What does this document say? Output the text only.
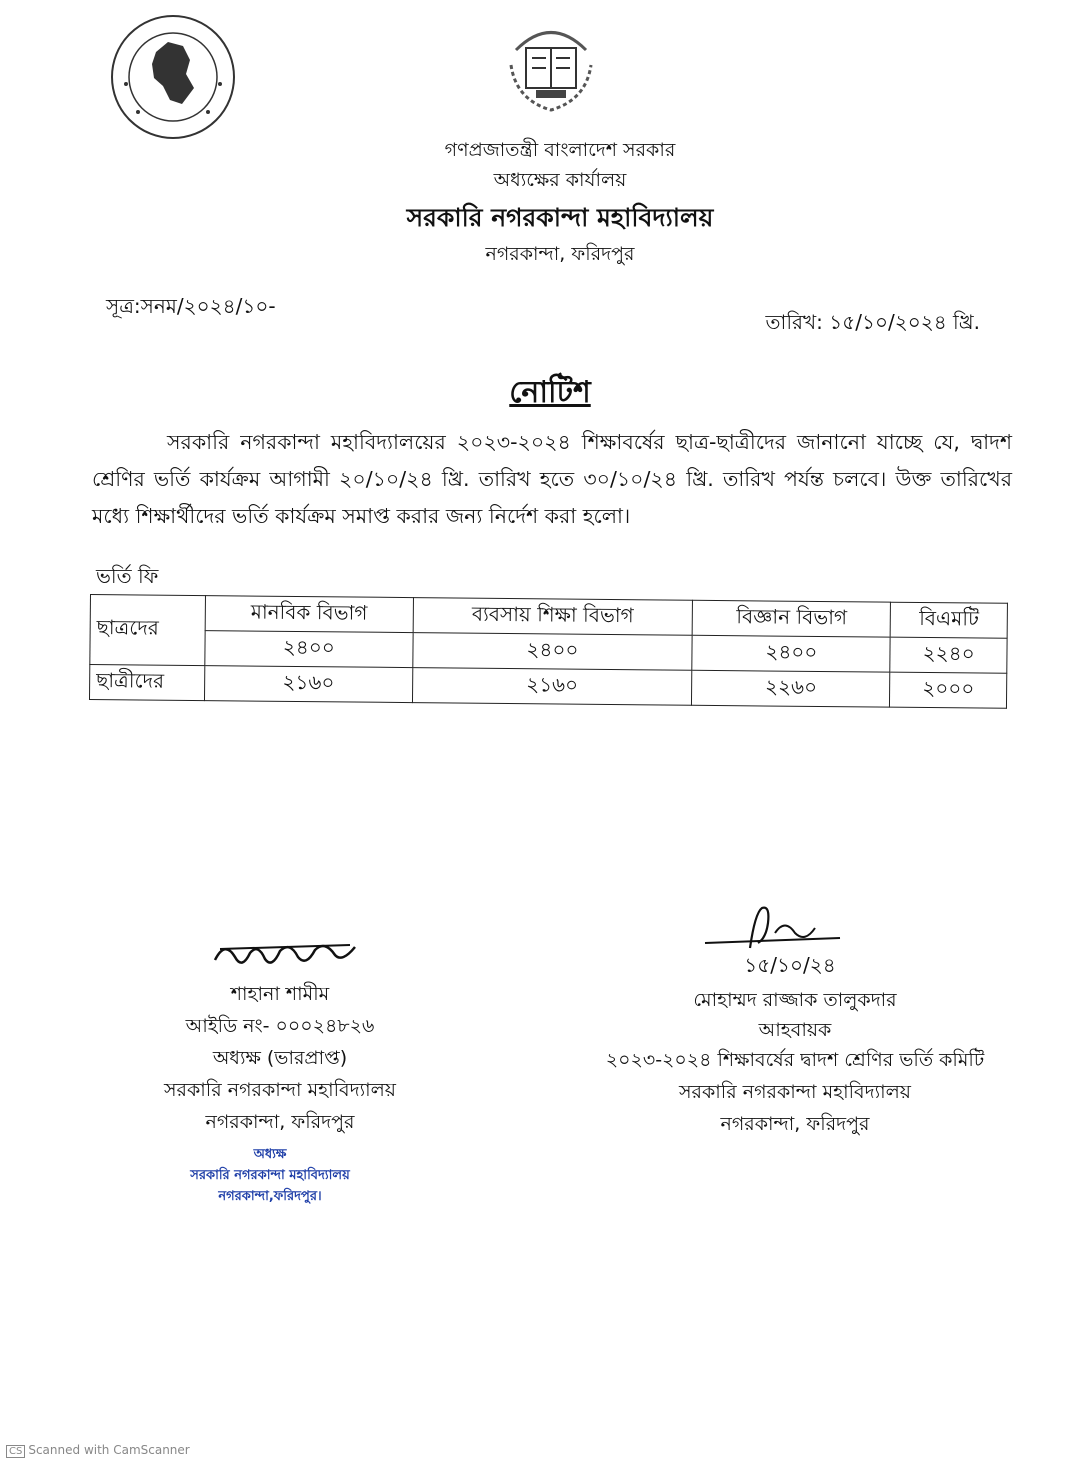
গণপ্রজাতন্ত্রী বাংলাদেশ সরকার
অধ্যক্ষের কার্যালয়
সরকারি নগরকান্দা মহাবিদ্যালয়
নগরকান্দা, ফরিদপুর
সূত্র:সনম/২০২৪/১০-
তারিখ: ১৫/১০/২০২৪ খ্রি.
নোটিশ
সরকারি নগরকান্দা মহাবিদ্যালয়ের ২০২৩-২০২৪ শিক্ষাবর্ষের ছাত্র-ছাত্রীদের জানানো যাচ্ছে যে, দ্বাদশ শ্রেণির ভর্তি কার্যক্রম আগামী ২০/১০/২৪ খ্রি. তারিখ হতে ৩০/১০/২৪ খ্রি. তারিখ পর্যন্ত চলবে। উক্ত তারিখের মধ্যে শিক্ষার্থীদের ভর্তি কার্যক্রম সমাপ্ত করার জন্য নির্দেশ করা হলো।
ভর্তি ফি
ছাত্রদের	মানবিক বিভাগ	ব্যবসায় শিক্ষা বিভাগ	বিজ্ঞান বিভাগ	বিএমটি
	২৪০০	২৪০০	২৪০০	২২৪০
ছাত্রীদের	২১৬০	২১৬০	২২৬০	২০০০
শাহানা শামীম
আইডি নং- ০০০২৪৮২৬
অধ্যক্ষ (ভারপ্রাপ্ত)
সরকারি নগরকান্দা মহাবিদ্যালয়
নগরকান্দা, ফরিদপুর
অধ্যক্ষ
সরকারি নগরকান্দা মহাবিদ্যালয়
নগরকান্দা,ফরিদপুর।
১৫/১০/২৪
মোহাম্মদ রাজ্জাক তালুকদার
আহবায়ক
২০২৩-২০২৪ শিক্ষাবর্ষের দ্বাদশ শ্রেণির ভর্তি কমিটি
সরকারি নগরকান্দা মহাবিদ্যালয়
নগরকান্দা, ফরিদপুর
CS Scanned with CamScanner
